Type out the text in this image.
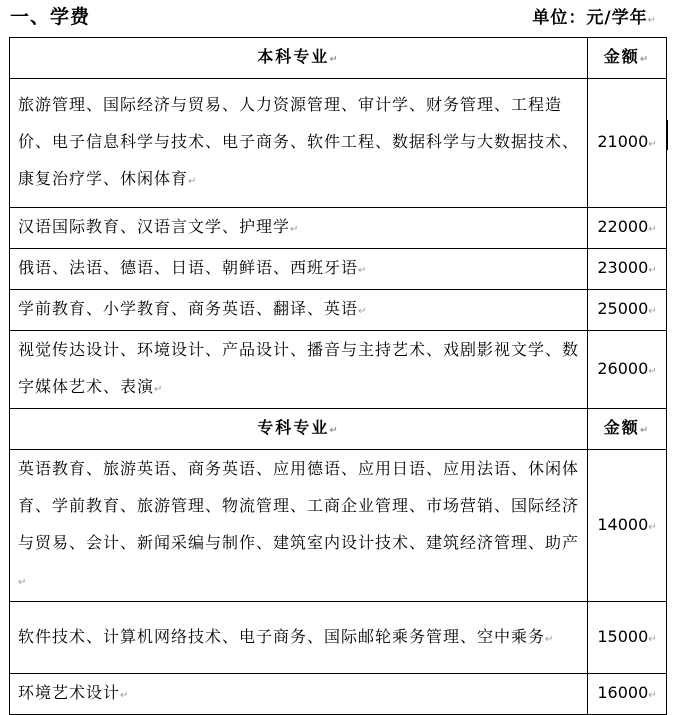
一、学费	单位：元/学年↵
本科专业↵	金额↵
旅游管理、国际经济与贸易、人力资源管理、审计学、财务管理、工程造价、电子信息科学与技术、电子商务、软件工程、数据科学与大数据技术、康复治疗学、休闲体育↵	21000↵
汉语国际教育、汉语言文学、护理学↵	22000↵
俄语、法语、德语、日语、朝鲜语、西班牙语↵	23000↵
学前教育、小学教育、商务英语、翻译、英语↵	25000↵
视觉传达设计、环境设计、产品设计、播音与主持艺术、戏剧影视文学、数字媒体艺术、表演↵	26000↵
专科专业↵	金额↵
英语教育、旅游英语、商务英语、应用德语、应用日语、应用法语、休闲体育、学前教育、旅游管理、物流管理、工商企业管理、市场营销、国际经济与贸易、会计、新闻采编与制作、建筑室内设计技术、建筑经济管理、助产↵	14000↵
软件技术、计算机网络技术、电子商务、国际邮轮乘务管理、空中乘务↵	15000↵
环境艺术设计↵	16000↵
